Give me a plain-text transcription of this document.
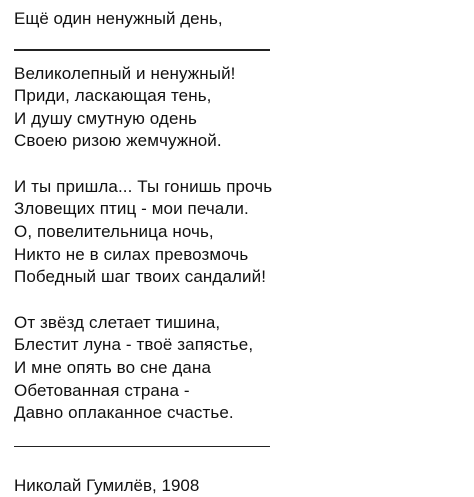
Ещё один ненужный день,
Великолепный и ненужный!
Приди, ласкающая тень,
И душу смутную одень
Своею ризою жемчужной.
И ты пришла... Ты гонишь прочь
Зловещих птиц - мои печали.
О, повелительница ночь,
Никто не в силах превозмочь
Победный шаг твоих сандалий!
От звёзд слетает тишина,
Блестит луна - твоё запястье,
И мне опять во сне дана
Обетованная страна -
Давно оплаканное счастье.
Николай Гумилёв, 1908
